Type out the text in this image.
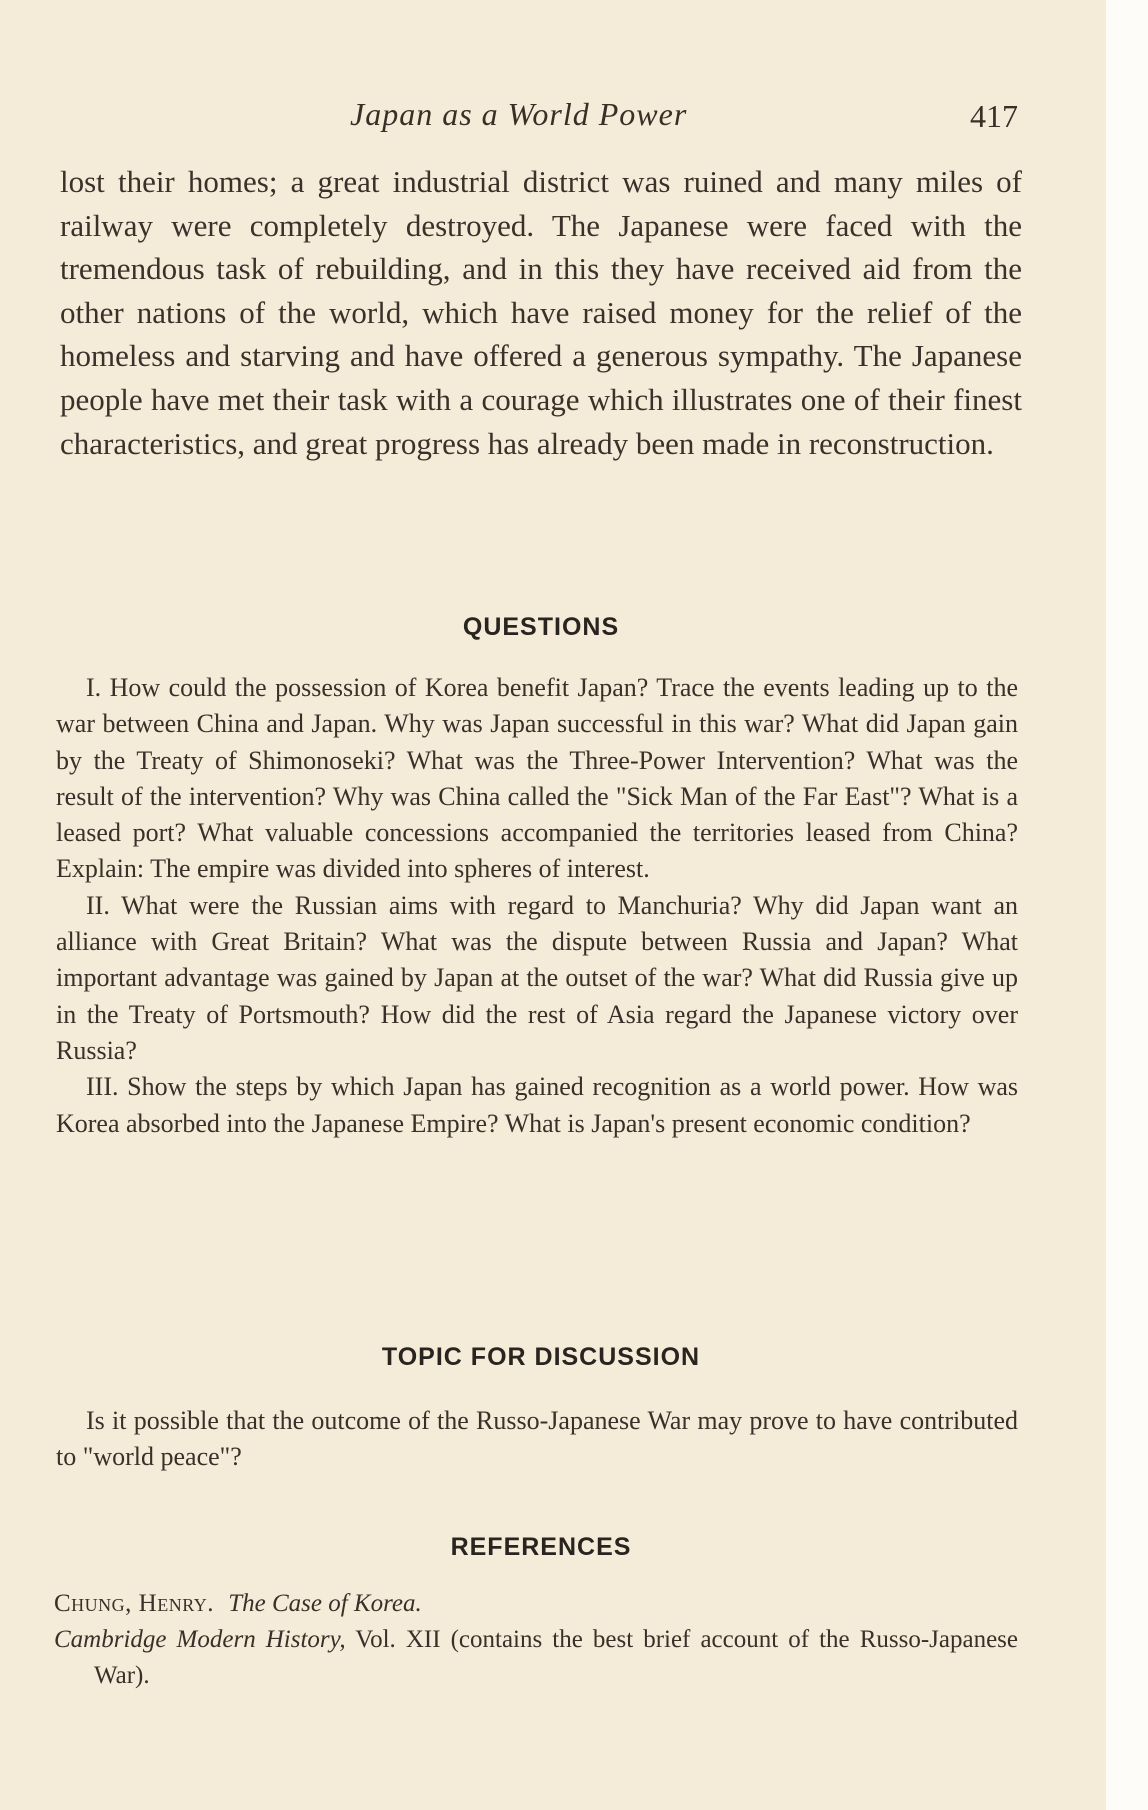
Japan as a World Power	417

lost their homes; a great industrial district was ruined and many miles of railway were completely destroyed. The Japanese were faced with the tremendous task of rebuilding, and in this they have received aid from the other nations of the world, which have raised money for the relief of the homeless and starving and have offered a generous sympathy. The Japanese people have met their task with a courage which illustrates one of their finest characteristics, and great progress has already been made in reconstruction.

QUESTIONS

I. How could the possession of Korea benefit Japan? Trace the events leading up to the war between China and Japan. Why was Japan successful in this war? What did Japan gain by the Treaty of Shimonoseki? What was the Three-Power Intervention? What was the result of the intervention? Why was China called the "Sick Man of the Far East"? What is a leased port? What valuable concessions accompanied the territories leased from China? Explain: The empire was divided into spheres of interest.

II. What were the Russian aims with regard to Manchuria? Why did Japan want an alliance with Great Britain? What was the dispute between Russia and Japan? What important advantage was gained by Japan at the outset of the war? What did Russia give up in the Treaty of Portsmouth? How did the rest of Asia regard the Japanese victory over Russia?

III. Show the steps by which Japan has gained recognition as a world power. How was Korea absorbed into the Japanese Empire? What is Japan's present economic condition?

TOPIC FOR DISCUSSION

Is it possible that the outcome of the Russo-Japanese War may prove to have contributed to "world peace"?

REFERENCES

Chung, Henry. The Case of Korea.

Cambridge Modern History, Vol. XII (contains the best brief account of the Russo-Japanese War).
